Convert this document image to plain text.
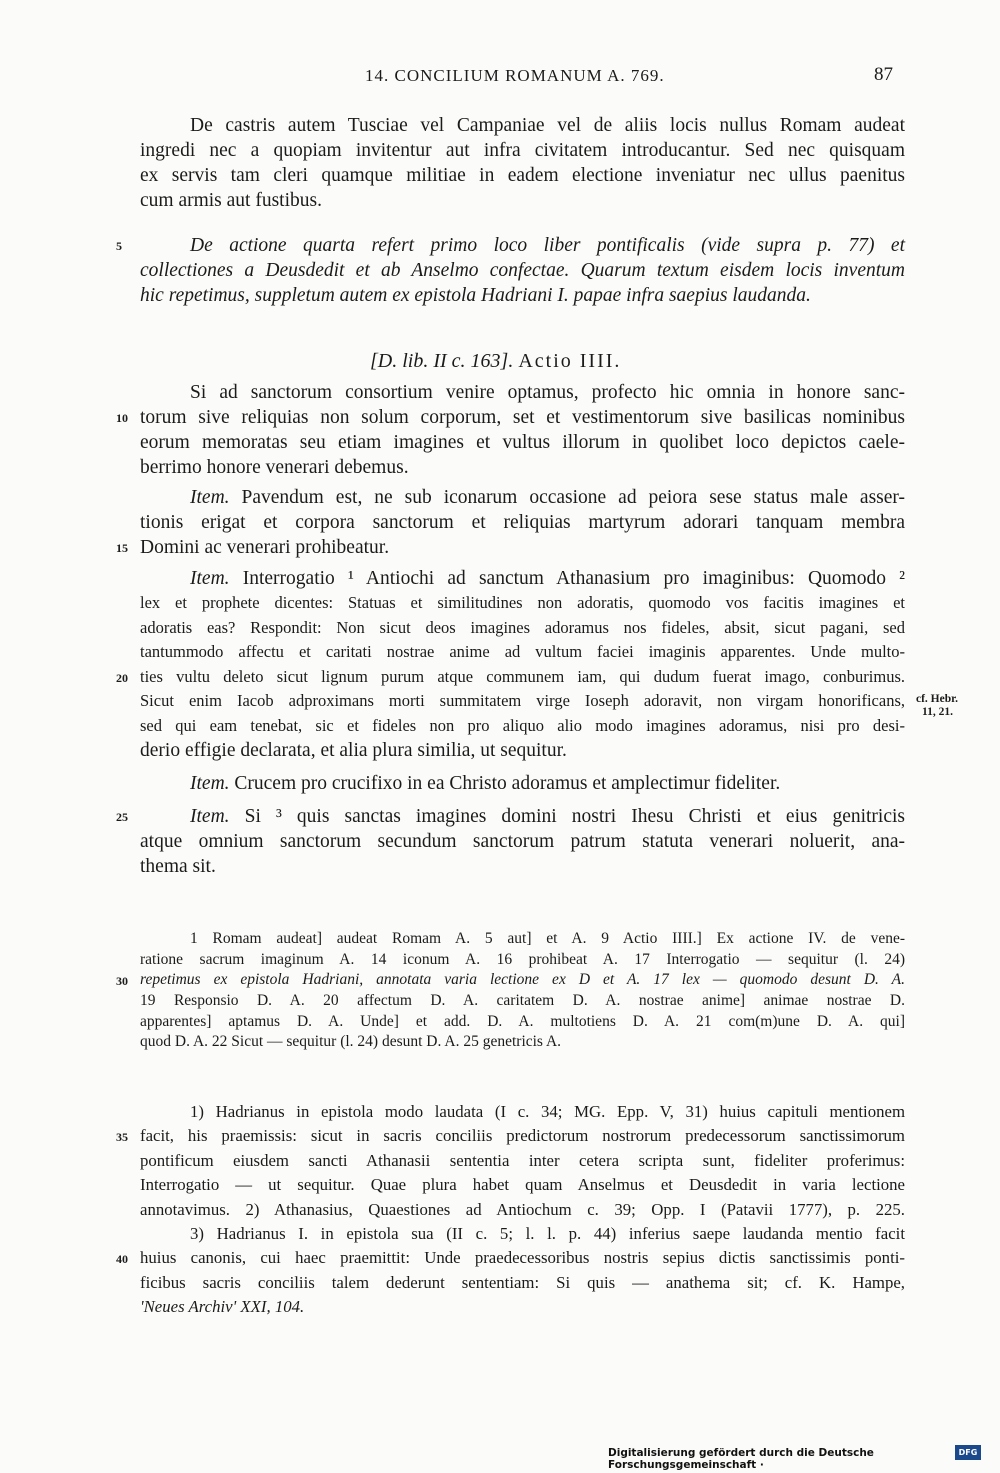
14. CONCILIUM ROMANUM A. 769.	87
De castris autem Tusciae vel Campaniae vel de aliis locis nullus Romam audeat
ingredi nec a quopiam invitentur aut infra civitatem introducantur. Sed nec quisquam
ex servis tam cleri quamque militiae in eadem electione inveniatur nec ullus paenitus
cum armis aut fustibus.
5	De actione quarta refert primo loco liber pontificalis (vide supra p. 77) et
collectiones a Deusdedit et ab Anselmo confectae. Quarum textum eisdem locis inventum
hic repetimus, suppletum autem ex epistola Hadriani I. papae infra saepius laudanda.
[D. lib. II c. 163]. Actio IIII.
Si ad sanctorum consortium venire optamus, profecto hic omnia in honore sanc-
10 torum sive reliquias non solum corporum, set et vestimentorum sive basilicas nominibus
eorum memoratas seu etiam imagines et vultus illorum in quolibet loco depictos caele-
berrimo honore venerari debemus.
Item. Pavendum est, ne sub iconarum occasione ad peiora sese status male asser-
tionis erigat et corpora sanctorum et reliquias martyrum adorari tanquam membra
15 Domini ac venerari prohibeatur.
Item. Interrogatio ¹ Antiochi ad sanctum Athanasium pro imaginibus: Quomodo ²
lex et prophete dicentes: Statuas et similitudines non adoratis, quomodo vos facitis imagines et
adoratis eas? Respondit: Non sicut deos imagines adoramus nos fideles, absit, sicut pagani, sed
tantummodo affectu et caritati nostrae anime ad vultum faciei imaginis apparentes. Unde multo-
20 ties vultu deleto sicut lignum purum atque communem iam, qui dudum fuerat imago, conburimus.
Sicut enim Iacob adproximans morti summitatem virge Ioseph adoravit, non virgam honorificans,
sed qui eam tenebat, sic et fideles non pro aliquo alio modo imagines adoramus, nisi pro desi-
derio effigie declarata, et alia plura similia, ut sequitur.
cf. Hebr.
11, 21.
Item. Crucem pro crucifixo in ea Christo adoramus et amplectimur fideliter.
25	Item. Si ³ quis sanctas imagines domini nostri Ihesu Christi et eius genitricis
atque omnium sanctorum secundum sanctorum patrum statuta venerari noluerit, ana-
thema sit.
1 Romam audeat] audeat Romam A. 5 aut] et A. 9 Actio IIII.] Ex actione IV. de vene-
ratione sacrum imaginum A. 14 iconum A. 16 prohibeat A. 17 Interrogatio — sequitur (l. 24)
30 repetimus ex epistola Hadriani, annotata varia lectione ex D et A. 17 lex — quomodo desunt D. A.
19 Responsio D. A. 20 affectum D. A. caritatem D. A. nostrae anime] animae nostrae D.
apparentes] aptamus D. A. Unde] et add. D. A. multotiens D. A. 21 com(m)une D. A. qui]
quod D. A. 22 Sicut — sequitur (l. 24) desunt D. A. 25 genetricis A.
1) Hadrianus in epistola modo laudata (I c. 34; MG. Epp. V, 31) huius capituli mentionem
35 facit, his praemissis: sicut in sacris conciliis predictorum nostrorum predecessorum sanctissimorum
pontificum eiusdem sancti Athanasii sententia inter cetera scripta sunt, fideliter proferimus:
Interrogatio — ut sequitur. Quae plura habet quam Anselmus et Deusdedit in varia lectione
annotavimus. 2) Athanasius, Quaestiones ad Antiochum c. 39; Opp. I (Patavii 1777), p. 225.
3) Hadrianus I. in epistola sua (II c. 5; l. l. p. 44) inferius saepe laudanda mentio facit
40 huius canonis, cui haec praemittit: Unde praedecessoribus nostris sepius dictis sanctissimis ponti-
ficibus sacris conciliis talem dederunt sententiam: Si quis — anathema sit; cf. K. Hampe,
'Neues Archiv' XXI, 104.
Digitalisierung gefördert durch die Deutsche Forschungsgemeinschaft ·
DFG
